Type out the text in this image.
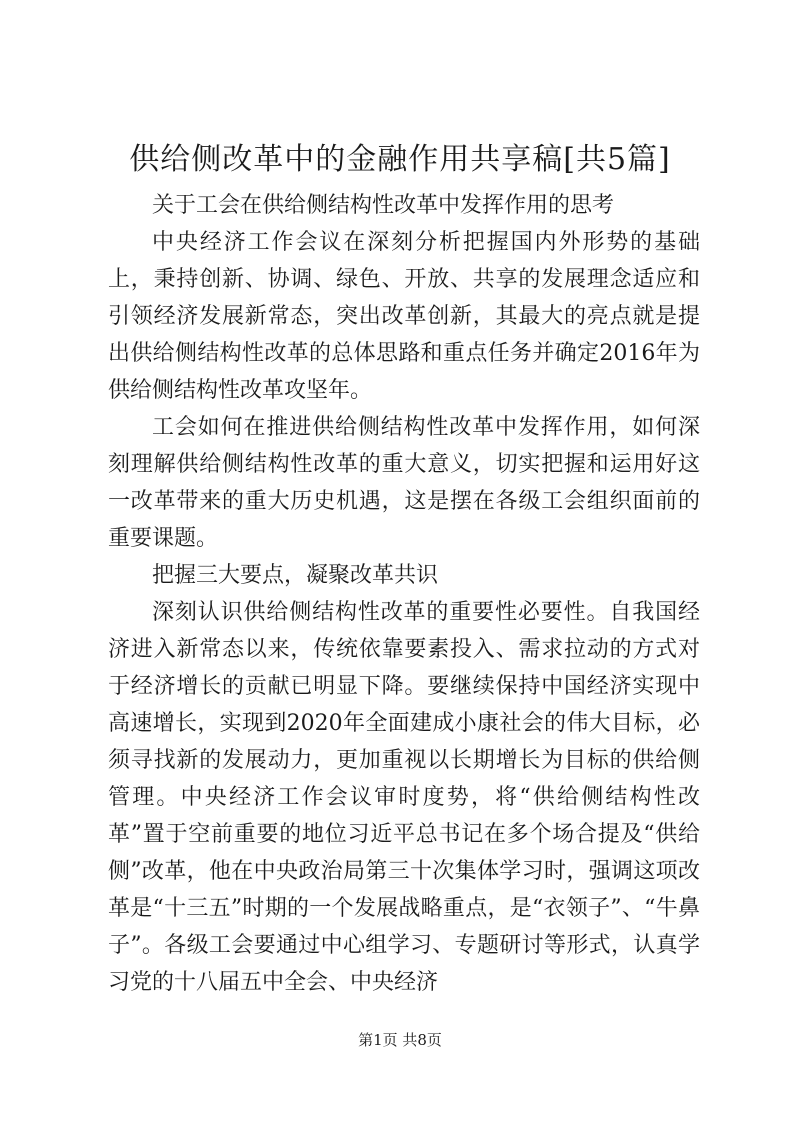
供给侧改革中的金融作用共享稿[共5篇]

关于工会在供给侧结构性改革中发挥作用的思考

中央经济工作会议在深刻分析把握国内外形势的基础上，秉持创新、协调、绿色、开放、共享的发展理念适应和引领经济发展新常态，突出改革创新，其最大的亮点就是提出供给侧结构性改革的总体思路和重点任务并确定2016年为供给侧结构性改革攻坚年。

工会如何在推进供给侧结构性改革中发挥作用，如何深刻理解供给侧结构性改革的重大意义，切实把握和运用好这一改革带来的重大历史机遇，这是摆在各级工会组织面前的重要课题。

把握三大要点，凝聚改革共识

深刻认识供给侧结构性改革的重要性必要性。自我国经济进入新常态以来，传统依靠要素投入、需求拉动的方式对于经济增长的贡献已明显下降。要继续保持中国经济实现中高速增长，实现到2020年全面建成小康社会的伟大目标，必须寻找新的发展动力，更加重视以长期增长为目标的供给侧管理。中央经济工作会议审时度势，将“供给侧结构性改革”置于空前重要的地位习近平总书记在多个场合提及“供给侧”改革，他在中央政治局第三十次集体学习时，强调这项改革是“十三五”时期的一个发展战略重点，是“衣领子”、“牛鼻子”。各级工会要通过中心组学习、专题研讨等形式，认真学习党的十八届五中全会、中央经济

第1页 共8页
